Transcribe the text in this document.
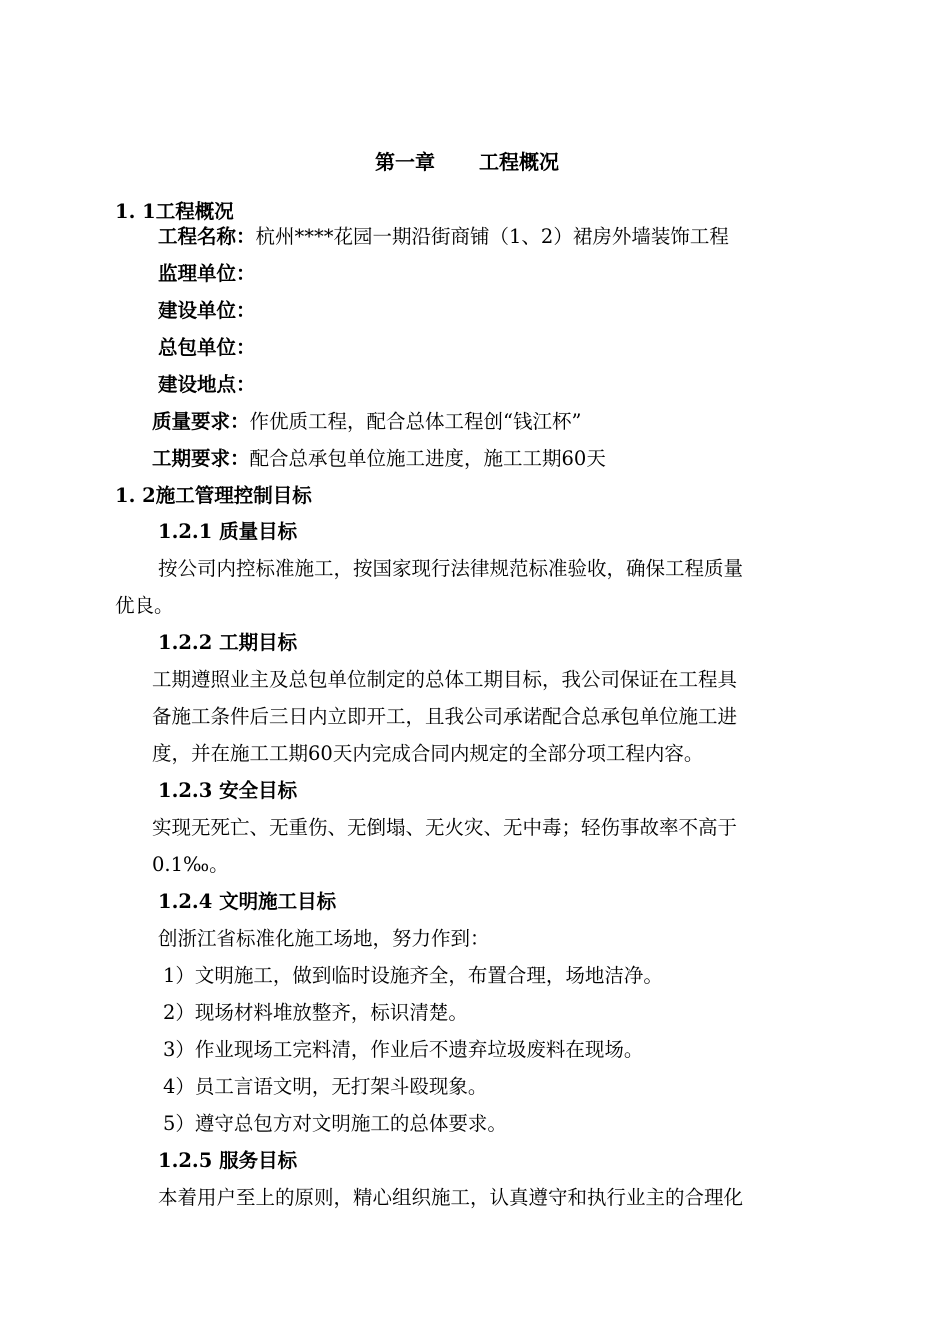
第一章 工程概况
1. 1工程概况
工程名称：杭州****花园一期沿街商铺（1、2）裙房外墙装饰工程
监理单位：
建设单位：
总包单位：
建设地点：
质量要求：作优质工程，配合总体工程创“钱江杯”
工期要求：配合总承包单位施工进度，施工工期60天
1. 2施工管理控制目标
1.2.1 质量目标
按公司内控标准施工，按国家现行法律规范标准验收，确保工程质量
优良。
1.2.2 工期目标
工期遵照业主及总包单位制定的总体工期目标，我公司保证在工程具
备施工条件后三日内立即开工，且我公司承诺配合总承包单位施工进
度，并在施工工期60天内完成合同内规定的全部分项工程内容。
1.2.3 安全目标
实现无死亡、无重伤、无倒塌、无火灾、无中毒；轻伤事故率不高于
0.1‰。
1.2.4 文明施工目标
创浙江省标准化施工场地，努力作到：
1）文明施工，做到临时设施齐全，布置合理，场地洁净。
2）现场材料堆放整齐，标识清楚。
3）作业现场工完料清，作业后不遗弃垃圾废料在现场。
4）员工言语文明，无打架斗殴现象。
5）遵守总包方对文明施工的总体要求。
1.2.5 服务目标
本着用户至上的原则，精心组织施工，认真遵守和执行业主的合理化
